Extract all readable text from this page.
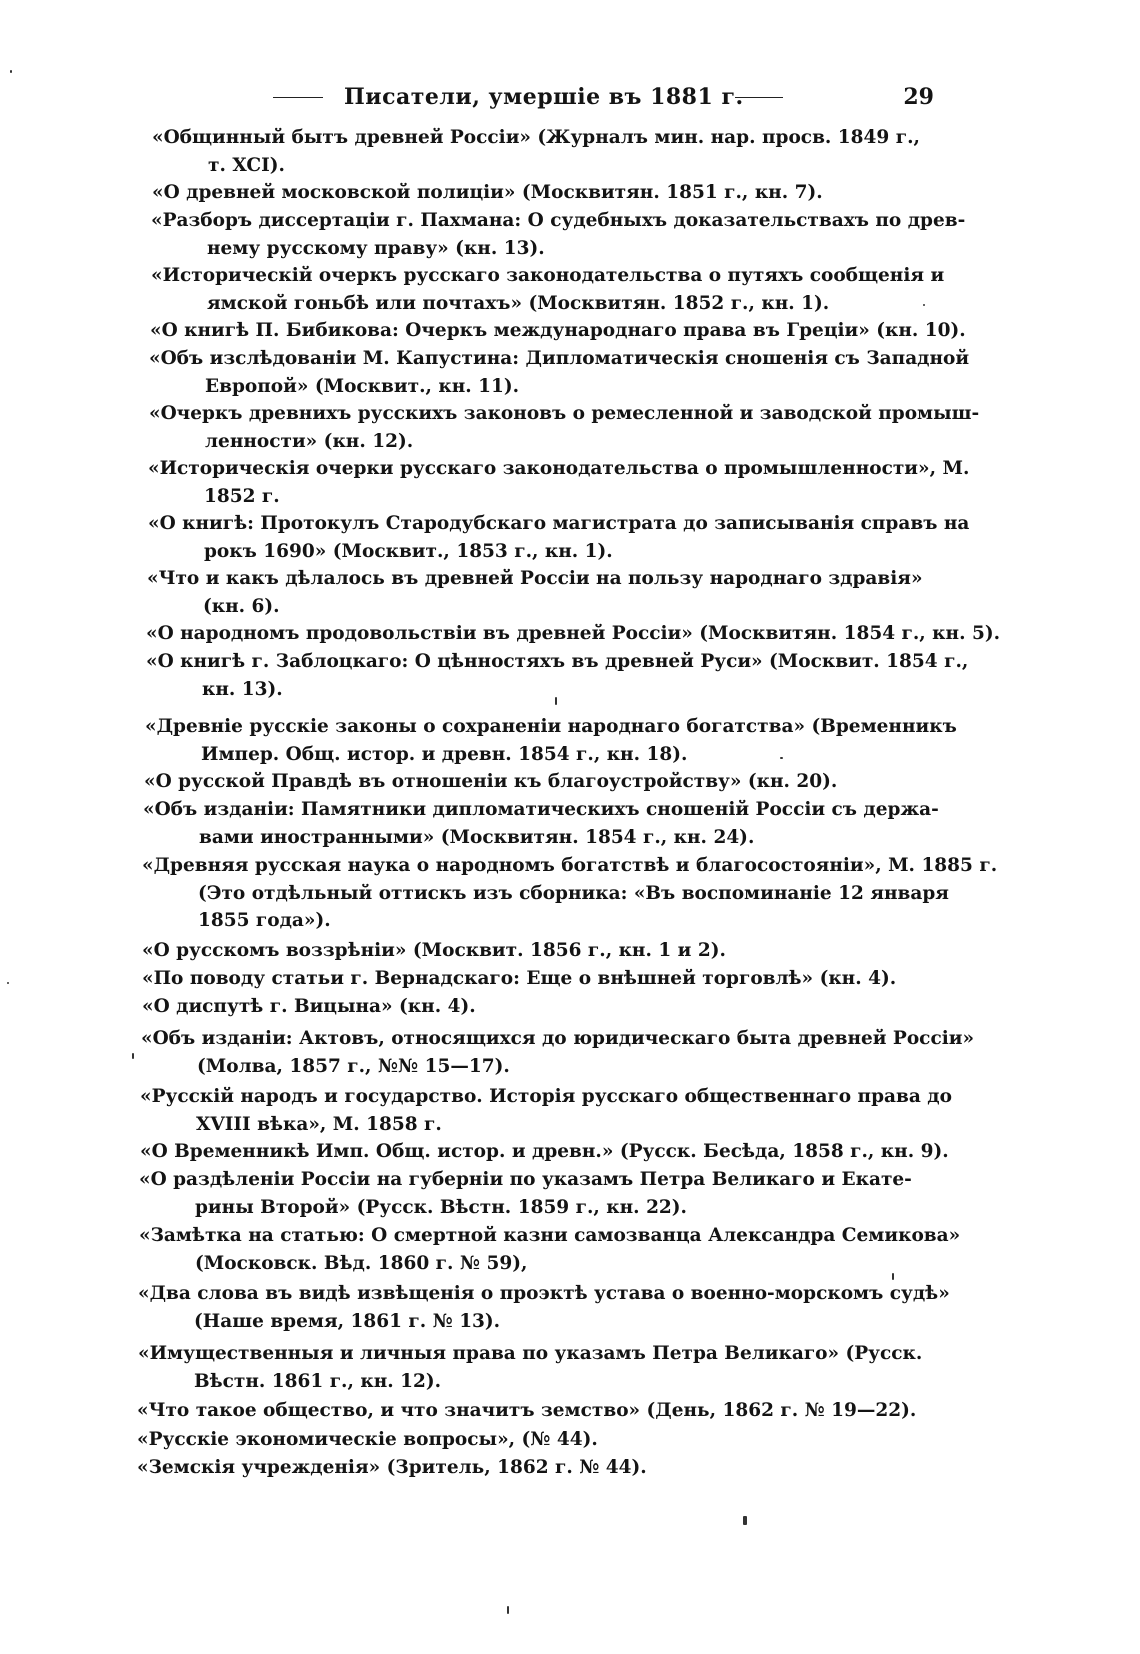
Писатели, умершіе въ 1881 г.	29
«Общинный бытъ древней Россіи» (Журналъ мин. нар. просв. 1849 г.,
т. XCI).
«О древней московской полиціи» (Москвитян. 1851 г., кн. 7).
«Разборъ диссертаціи г. Пахмана: О судебныхъ доказательствахъ по древ-
нему русскому праву» (кн. 13).
«Историческій очеркъ русскаго законодательства о путяхъ сообщенія и
ямской гоньбѣ или почтахъ» (Москвитян. 1852 г., кн. 1).
«О книгѣ П. Бибикова: Очеркъ международнаго права въ Греціи» (кн. 10).
«Объ изслѣдованіи М. Капустина: Дипломатическія сношенія съ Западной
Европой» (Москвит., кн. 11).
«Очеркъ древнихъ русскихъ законовъ о ремесленной и заводской промыш-
ленности» (кн. 12).
«Историческія очерки русскаго законодательства о промышленности», М.
1852 г.
«О книгѣ: Протокулъ Стародубскаго магистрата до записыванія справъ на
рокъ 1690» (Москвит., 1853 г., кн. 1).
«Что и какъ дѣлалось въ древней Россіи на пользу народнаго здравія»
(кн. 6).
«О народномъ продовольствіи въ древней Россіи» (Москвитян. 1854 г., кн. 5).
«О книгѣ г. Заблоцкаго: О цѣнностяхъ въ древней Руси» (Москвит. 1854 г.,
кн. 13).
«Древніе русскіе законы о сохраненіи народнаго богатства» (Временникъ
Импер. Общ. истор. и древн. 1854 г., кн. 18).
«О русской Правдѣ въ отношеніи къ благоустройству» (кн. 20).
«Объ изданіи: Памятники дипломатическихъ сношеній Россіи съ держа-
вами иностранными» (Москвитян. 1854 г., кн. 24).
«Древняя русская наука о народномъ богатствѣ и благосостояніи», М. 1885 г.
(Это отдѣльный оттискъ изъ сборника: «Въ воспоминаніе 12 января
1855 года»).
«О русскомъ воззрѣніи» (Москвит. 1856 г., кн. 1 и 2).
«По поводу статьи г. Вернадскаго: Еще о внѣшней торговлѣ» (кн. 4).
«О диспутѣ г. Вицына» (кн. 4).
«Объ изданіи: Актовъ, относящихся до юридическаго быта древней Россіи»
(Молва, 1857 г., №№ 15—17).
«Русскій народъ и государство. Исторія русскаго общественнаго права до
XVIII вѣка», М. 1858 г.
«О Временникѣ Имп. Общ. истор. и древн.» (Русск. Бесѣда, 1858 г., кн. 9).
«О раздѣленіи Россіи на губерніи по указамъ Петра Великаго и Екате-
рины Второй» (Русск. Вѣстн. 1859 г., кн. 22).
«Замѣтка на статью: О смертной казни самозванца Александра Семикова»
(Московск. Вѣд. 1860 г. № 59),
«Два слова въ видѣ извѣщенія о проэктѣ устава о военно-морскомъ судѣ»
(Наше время, 1861 г. № 13).
«Имущественныя и личныя права по указамъ Петра Великаго» (Русск.
Вѣстн. 1861 г., кн. 12).
«Что такое общество, и что значитъ земство» (День, 1862 г. № 19—22).
«Русскіе экономическіе вопросы», (№ 44).
«Земскія учрежденія» (Зритель, 1862 г. № 44).
